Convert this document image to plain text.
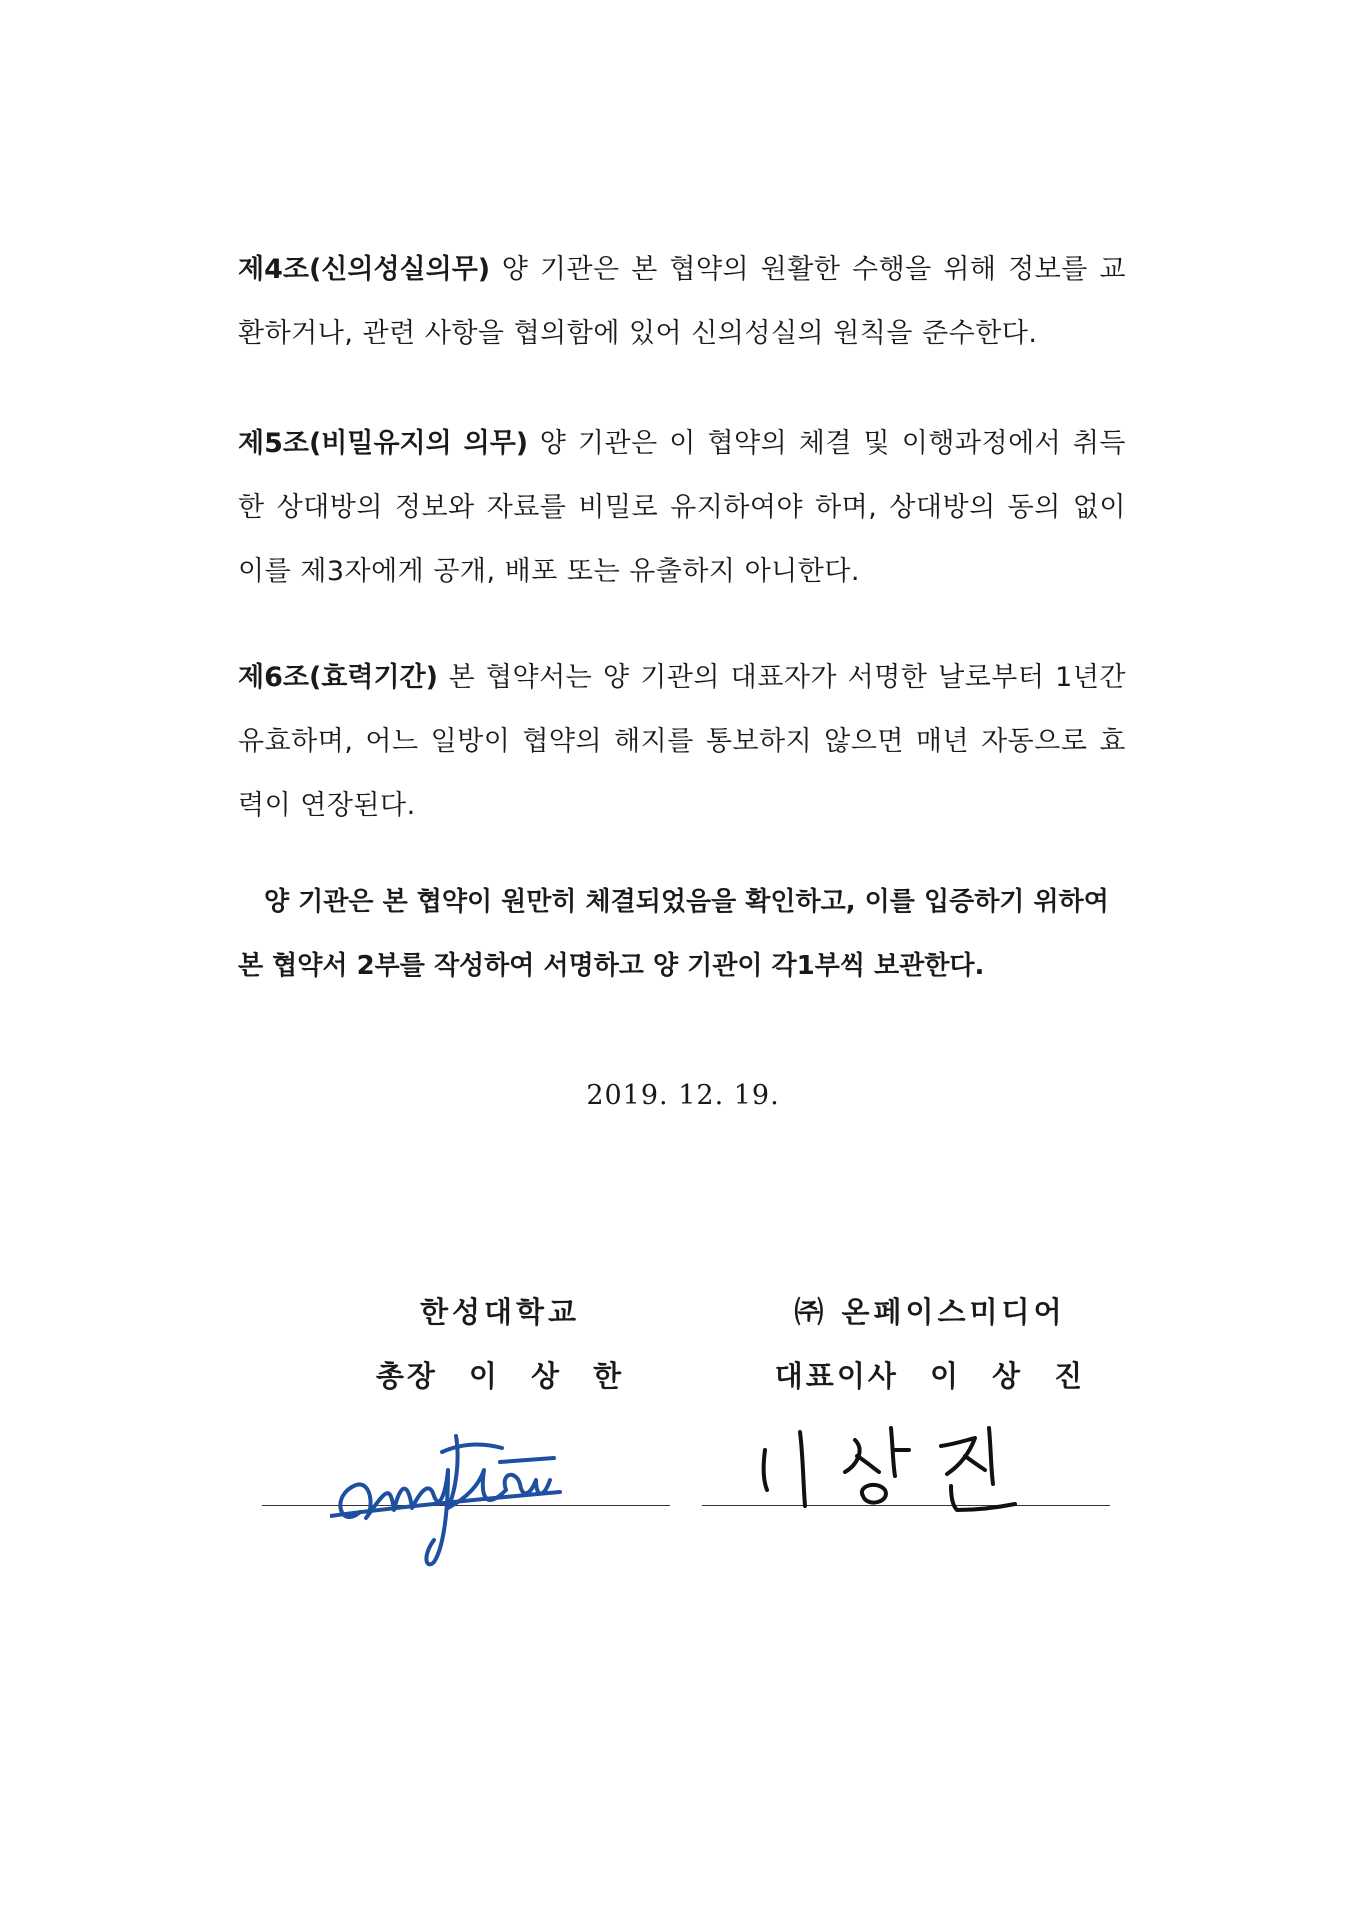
제4조(신의성실의무) 양 기관은 본 협약의 원활한 수행을 위해 정보를 교환하거나, 관련 사항을 협의함에 있어 신의성실의 원칙을 준수한다.
제5조(비밀유지의 의무) 양 기관은 이 협약의 체결 및 이행과정에서 취득한 상대방의 정보와 자료를 비밀로 유지하여야 하며, 상대방의 동의 없이 이를 제3자에게 공개, 배포 또는 유출하지 아니한다.
제6조(효력기간) 본 협약서는 양 기관의 대표자가 서명한 날로부터 1년간 유효하며, 어느 일방이 협약의 해지를 통보하지 않으면 매년 자동으로 효력이 연장된다.
양 기관은 본 협약이 원만히 체결되었음을 확인하고, 이를 입증하기 위하여
본 협약서 2부를 작성하여 서명하고 양 기관이 각1부씩 보관한다.
2019. 12. 19.
한성대학교
총장 이 상 한
㈜ 온페이스미디어
대표이사 이 상 진
